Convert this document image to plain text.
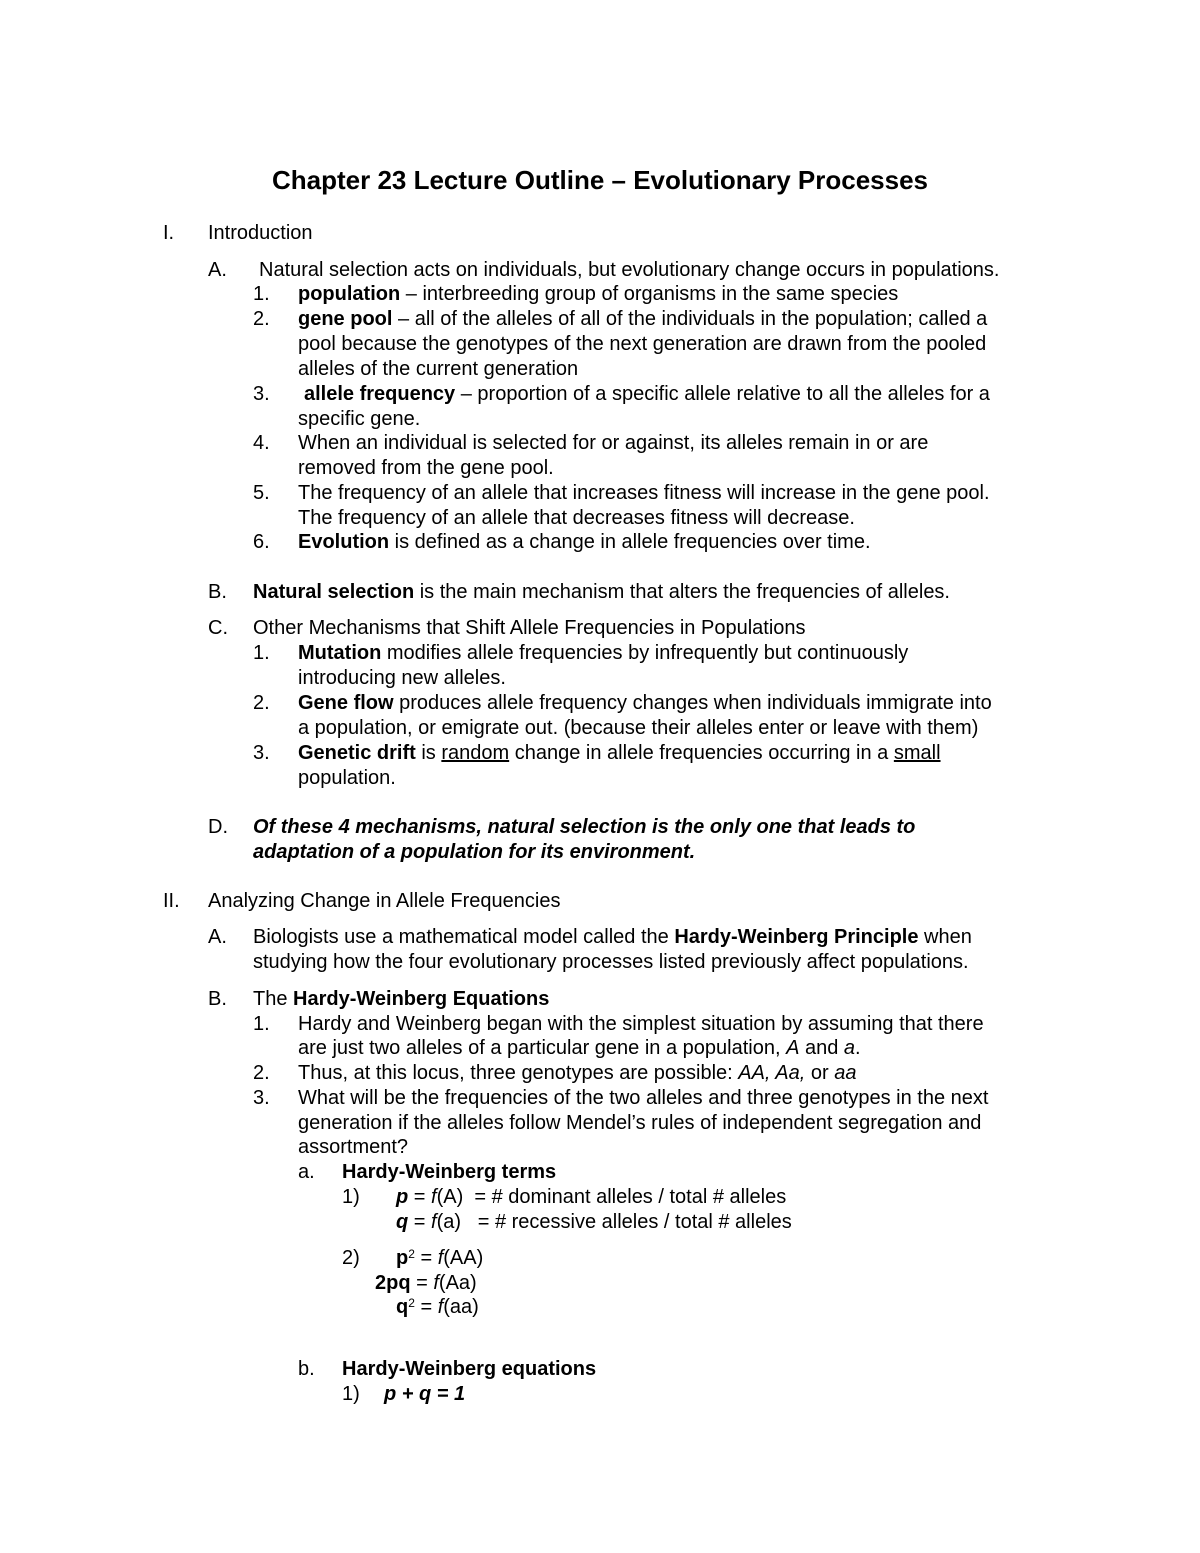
Chapter 23 Lecture Outline – Evolutionary Processes
I. Introduction
A. Natural selection acts on individuals, but evolutionary change occurs in populations.
1. population – interbreeding group of organisms in the same species
2. gene pool – all of the alleles of all of the individuals in the population; called a
pool because the genotypes of the next generation are drawn from the pooled
alleles of the current generation
3. allele frequency – proportion of a specific allele relative to all the alleles for a
specific gene.
4. When an individual is selected for or against, its alleles remain in or are
removed from the gene pool.
5. The frequency of an allele that increases fitness will increase in the gene pool.
The frequency of an allele that decreases fitness will decrease.
6. Evolution is defined as a change in allele frequencies over time.
B. Natural selection is the main mechanism that alters the frequencies of alleles.
C. Other Mechanisms that Shift Allele Frequencies in Populations
1. Mutation modifies allele frequencies by infrequently but continuously
introducing new alleles.
2. Gene flow produces allele frequency changes when individuals immigrate into
a population, or emigrate out. (because their alleles enter or leave with them)
3. Genetic drift is random change in allele frequencies occurring in a small
population.
D. Of these 4 mechanisms, natural selection is the only one that leads to
adaptation of a population for its environment.
II. Analyzing Change in Allele Frequencies
A. Biologists use a mathematical model called the Hardy-Weinberg Principle when
studying how the four evolutionary processes listed previously affect populations.
B. The Hardy-Weinberg Equations
1. Hardy and Weinberg began with the simplest situation by assuming that there
are just two alleles of a particular gene in a population, A and a.
2. Thus, at this locus, three genotypes are possible: AA, Aa, or aa
3. What will be the frequencies of the two alleles and three genotypes in the next
generation if the alleles follow Mendel’s rules of independent segregation and
assortment?
a. Hardy-Weinberg terms
1) p = f(A)  = # dominant alleles / total # alleles
q = f(a)   = # recessive alleles / total # alleles
2) $p^2 = f(AA)$
2pq = f(Aa)
$q^2 = f(aa)$
b. Hardy-Weinberg equations
1) p + q = 1
